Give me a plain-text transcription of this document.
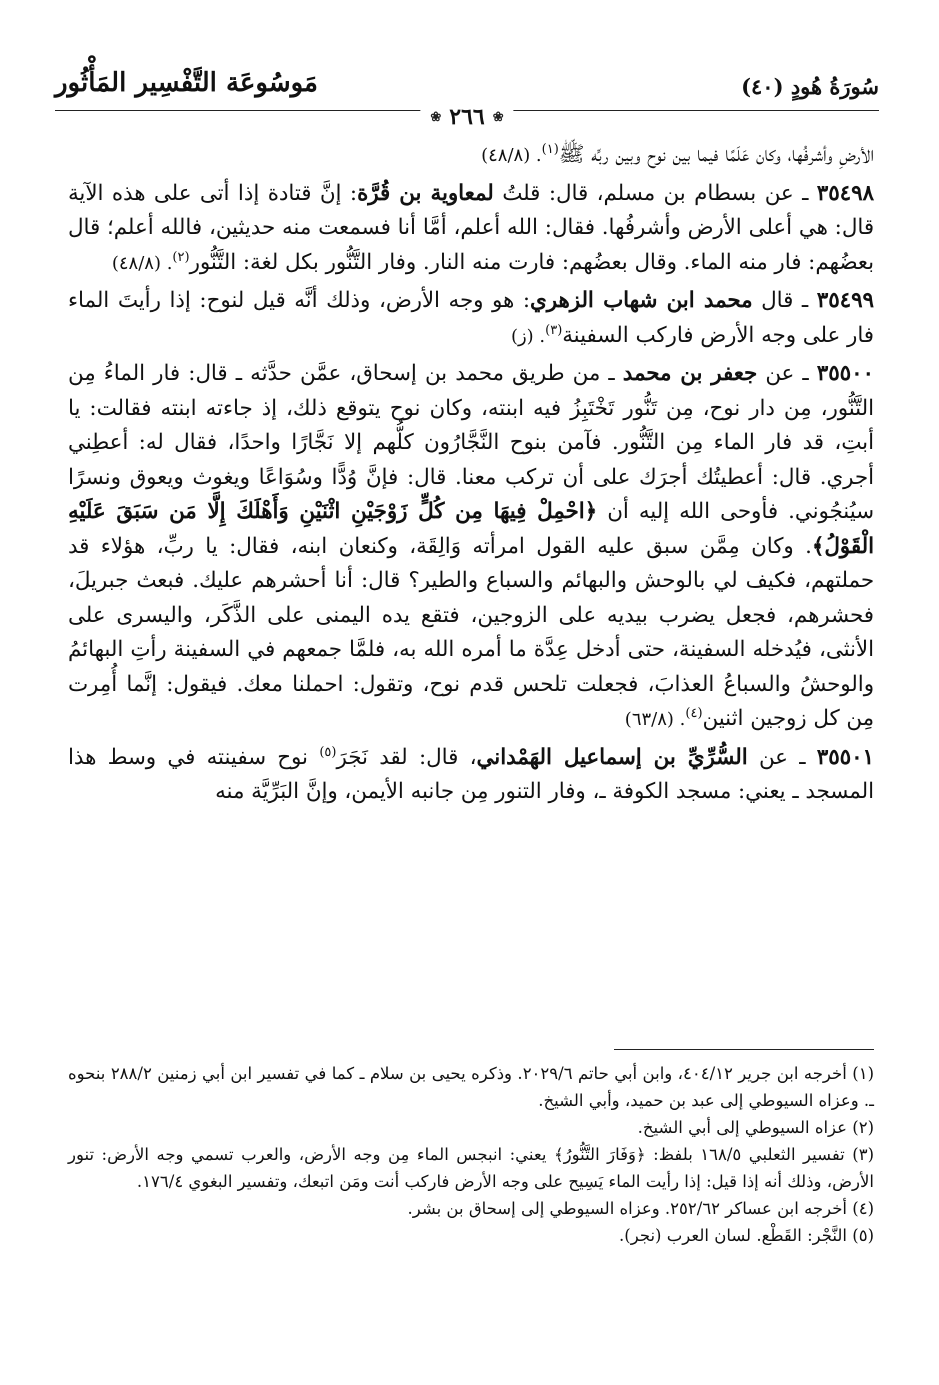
مَوسُوعَة التَّفْسِير المَأْثُور	سُورَةُ هُودٍ (٤٠)
❀
٢٦٦
❀

الأرضِ وأشرفُها، وكان عَلَمًا فيما بين نوح وبين ربِّه ﷺ$^{(١)}$. (٤٨/٨)

٣٥٤٩٨ ـ عن بسطام بن مسلم، قال: قلتُ لمعاوية بن قُرَّة: إنَّ قتادة إذا أتى على هذه الآية قال: هي أعلى الأرض وأشرفُها. فقال: الله أعلم، أمَّا أنا فسمعت منه حديثين، فالله أعلم؛ قال بعضُهم: فار منه الماء. وقال بعضُهم: فارت منه النار. وفار التَّنُّور بكل لغة: التَّنُّور$^{(٢)}$. (٤٨/٨)

٣٥٤٩٩ ـ قال محمد ابن شهاب الزهري: هو وجه الأرض، وذلك أنَّه قيل لنوح: إذا رأيتَ الماء فار على وجه الأرض فاركب السفينة$^{(٣)}$. (ز)

٣٥٥٠٠ ـ عن جعفر بن محمد ـ من طريق محمد بن إسحاق، عمَّن حدَّثه ـ قال: فار الماءُ مِن التَّنُّور، مِن دار نوح، مِن تَنُّور تَخْتَبِزُ فيه ابنته، وكان نوح يتوقع ذلك، إذ جاءته ابنته فقالت: يا أبتِ، قد فار الماء مِن التَّنُّور. فآمن بنوح النَّجَّارُون كلُّهم إلا نَجَّارًا واحدًا، فقال له: أعطِني أجري. قال: أعطيتُك أجرَك على أن تركب معنا. قال: فإنَّ وُدًّا وسُوَاعًا ويغوث ويعوق ونسرًا سيُنجُوني. فأوحى الله إليه أن ﴿احْمِلْ فِيهَا مِن كُلٍّ زَوْجَيْنِ اثْنَيْنِ وَأَهْلَكَ إِلَّا مَن سَبَقَ عَلَيْهِ الْقَوْلُ﴾. وكان مِمَّن سبق عليه القول امرأته وَالِقَة، وكنعان ابنه، فقال: يا ربِّ، هؤلاء قد حملتهم، فكيف لي بالوحش والبهائم والسباع والطير؟ قال: أنا أحشرهم عليك. فبعث جبريلَ، فحشرهم، فجعل يضرب بيديه على الزوجين، فتقع يده اليمنى على الذَّكَر، واليسرى على الأنثى، فيُدخله السفينة، حتى أدخل عِدَّة ما أمره الله به، فلمَّا جمعهم في السفينة رأتِ البهائمُ والوحشُ والسباعُ العذابَ، فجعلت تلحس قدم نوح، وتقول: احملنا معك. فيقول: إنَّما أُمِرت مِن كل زوجين اثنين$^{(٤)}$. (٦٣/٨)

٣٥٥٠١ ـ عن السُّرِّيِّ بن إسماعيل الهَمْداني، قال: لقد نَجَرَ$^{(٥)}$ نوح سفينته في وسط هذا المسجد ـ يعني: مسجد الكوفة ـ، وفار التنور مِن جانبه الأيمن، وإنَّ البَرِّيَّة منه

(١) أخرجه ابن جرير ٤٠٤/١٢، وابن أبي حاتم ٢٠٢٩/٦. وذكره يحيى بن سلام ـ كما في تفسير ابن أبي زمنين ٢٨٨/٢ بنحوه ـ. وعزاه السيوطي إلى عبد بن حميد، وأبي الشيخ.

(٢) عزاه السيوطي إلى أبي الشيخ.

(٣) تفسير الثعلبي ١٦٨/٥ بلفظ: ﴿وَفَارَ التَّنُّورُ﴾ يعني: انبجس الماء مِن وجه الأرض، والعرب تسمي وجه الأرض: تنور الأرض، وذلك أنه إذا قيل: إذا رأيت الماء يَسِيح على وجه الأرض فاركب أنت ومَن اتبعك، وتفسير البغوي ١٧٦/٤.

(٤) أخرجه ابن عساكر ٢٥٢/٦٢. وعزاه السيوطي إلى إسحاق بن بشر.

(٥) النَّجْر: القَطْع. لسان العرب (نجر).
